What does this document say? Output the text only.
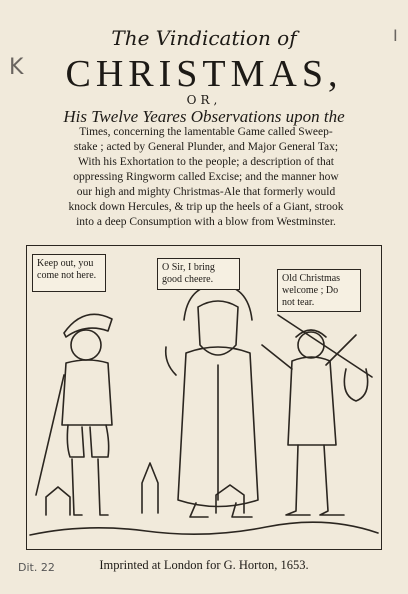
K
I
The Vindication of
CHRISTMAS,
OR,
His Twelve Yeares Observations upon the
Times, concerning the lamentable Game called Sweep-
stake ; acted by General Plunder, and Major General Tax;
With his Exhortation to the people; a description of that
oppressing Ringworm called Excise; and the manner how
our high and mighty Christmas-Ale that formerly would
knock down Hercules, & trip up the heels of a Giant, strook
into a deep Consumption with a blow from Westminster.
Keep out, you
come not here.
O Sir, I bring
good cheere.	Old Christmas
welcome ; Do
not tear.
Dit. 22	Imprinted at London for G. Horton, 1653.
